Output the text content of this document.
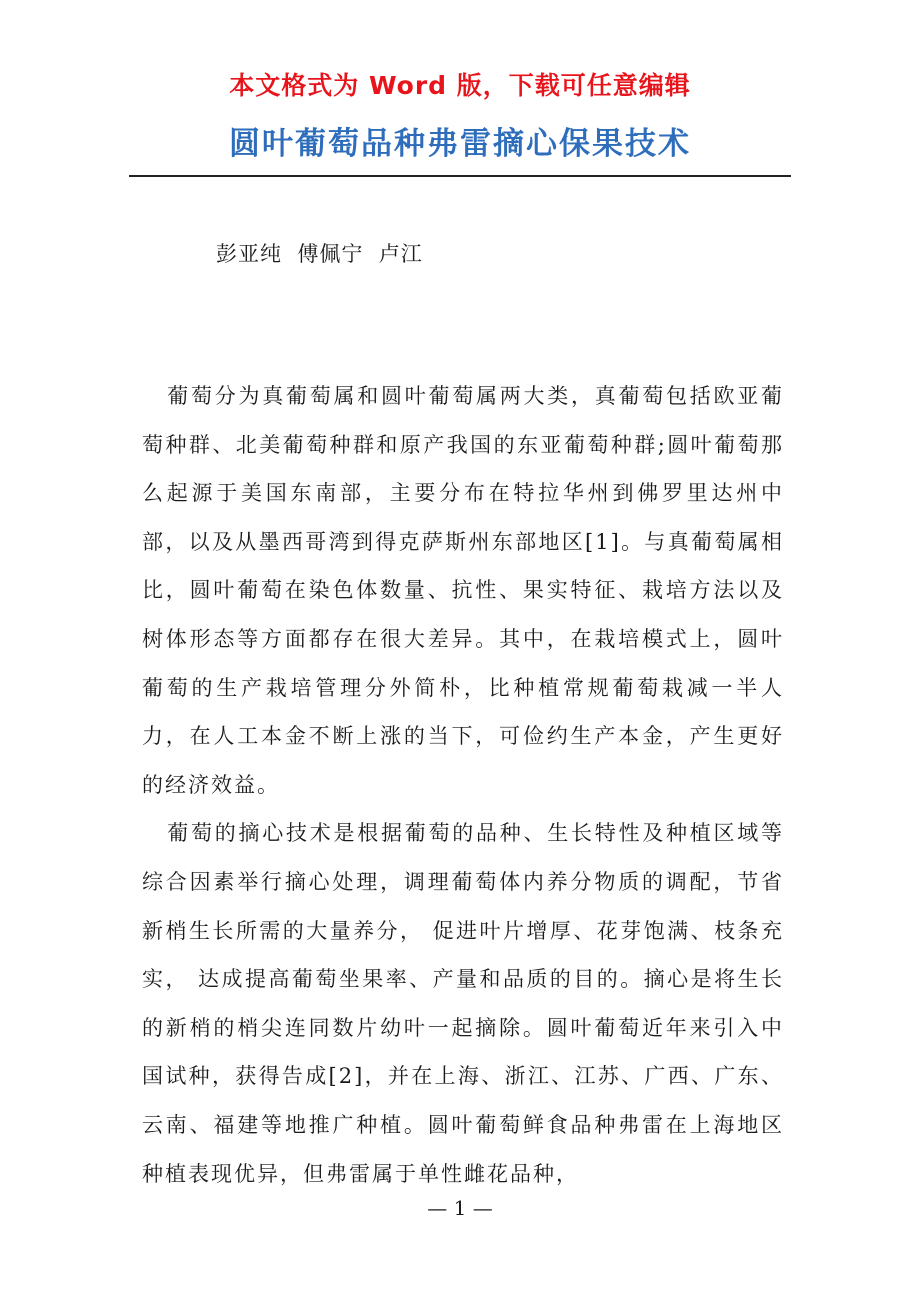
本文格式为 Word 版，下载可任意编辑
圆叶葡萄品种弗雷摘心保果技术
彭亚纯  傅佩宁  卢江

葡萄分为真葡萄属和圆叶葡萄属两大类，真葡萄包括欧亚葡萄种群、北美葡萄种群和原产我国的东亚葡萄种群;圆叶葡萄那么起源于美国东南部，主要分布在特拉华州到佛罗里达州中部，以及从墨西哥湾到得克萨斯州东部地区[1]。与真葡萄属相比，圆叶葡萄在染色体数量、抗性、果实特征、栽培方法以及树体形态等方面都存在很大差异。其中，在栽培模式上，圆叶葡萄的生产栽培管理分外简朴，比种植常规葡萄栽减一半人力，在人工本金不断上涨的当下，可俭约生产本金，产生更好的经济效益。

葡萄的摘心技术是根据葡萄的品种、生长特性及种植区域等综合因素举行摘心处理，调理葡萄体内养分物质的调配，节省新梢生长所需的大量养分， 促进叶片增厚、花芽饱满、枝条充实， 达成提高葡萄坐果率、产量和品质的目的。摘心是将生长的新梢的梢尖连同数片幼叶一起摘除。圆叶葡萄近年来引入中国试种，获得告成[2]，并在上海、浙江、江苏、广西、广东、云南、福建等地推广种植。圆叶葡萄鲜食品种弗雷在上海地区种植表现优异，但弗雷属于单性雌花品种，

— 1 —
